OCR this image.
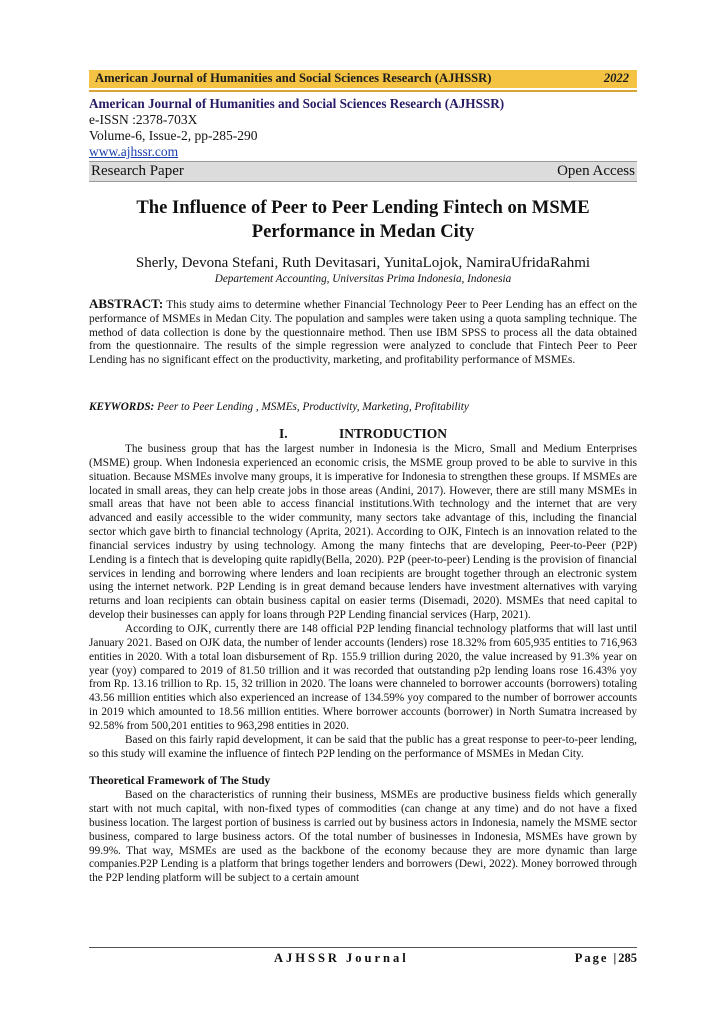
American Journal of Humanities and Social Sciences Research (AJHSSR)	2022
American Journal of Humanities and Social Sciences Research (AJHSSR)
e-ISSN :2378-703X
Volume-6, Issue-2, pp-285-290
www.ajhssr.com
Research Paper	Open Access
The Influence of Peer to Peer Lending Fintech on MSME
Performance in Medan City
Sherly, Devona Stefani, Ruth Devitasari, YunitaLojok, NamiraUfridaRahmi
Departement Accounting, Universitas Prima Indonesia, Indonesia
ABSTRACT: This study aims to determine whether Financial Technology Peer to Peer Lending has an effect on the performance of MSMEs in Medan City. The population and samples were taken using a quota sampling technique. The method of data collection is done by the questionnaire method. Then use IBM SPSS to process all the data obtained from the questionnaire. The results of the simple regression were analyzed to conclude that Fintech Peer to Peer Lending has no significant effect on the productivity, marketing, and profitability performance of MSMEs.
KEYWORDS: Peer to Peer Lending , MSMEs, Productivity, Marketing, Profitability
I.	INTRODUCTION

The business group that has the largest number in Indonesia is the Micro, Small and Medium Enterprises (MSME) group. When Indonesia experienced an economic crisis, the MSME group proved to be able to survive in this situation. Because MSMEs involve many groups, it is imperative for Indonesia to strengthen these groups. If MSMEs are located in small areas, they can help create jobs in those areas (Andini, 2017). However, there are still many MSMEs in small areas that have not been able to access financial institutions.With technology and the internet that are very advanced and easily accessible to the wider community, many sectors take advantage of this, including the financial sector which gave birth to financial technology (Aprita, 2021). According to OJK, Fintech is an innovation related to the financial services industry by using technology. Among the many fintechs that are developing, Peer-to-Peer (P2P) Lending is a fintech that is developing quite rapidly(Bella, 2020). P2P (peer-to-peer) Lending is the provision of financial services in lending and borrowing where lenders and loan recipients are brought together through an electronic system using the internet network. P2P Lending is in great demand because lenders have investment alternatives with varying returns and loan recipients can obtain business capital on easier terms (Disemadi, 2020). MSMEs that need capital to develop their businesses can apply for loans through P2P Lending financial services (Harp, 2021).

According to OJK, currently there are 148 official P2P lending financial technology platforms that will last until January 2021. Based on OJK data, the number of lender accounts (lenders) rose 18.32% from 605,935 entities to 716,963 entities in 2020. With a total loan disbursement of Rp. 155.9 trillion during 2020, the value increased by 91.3% year on year (yoy) compared to 2019 of 81.50 trillion and it was recorded that outstanding p2p lending loans rose 16.43% yoy from Rp. 13.16 trillion to Rp. 15, 32 trillion in 2020. The loans were channeled to borrower accounts (borrowers) totaling 43.56 million entities which also experienced an increase of 134.59% yoy compared to the number of borrower accounts in 2019 which amounted to 18.56 million entities. Where borrower accounts (borrower) in North Sumatra increased by 92.58% from 500,201 entities to 963,298 entities in 2020.

Based on this fairly rapid development, it can be said that the public has a great response to peer-to-peer lending, so this study will examine the influence of fintech P2P lending on the performance of MSMEs in Medan City.

Theoretical Framework of The Study

Based on the characteristics of running their business, MSMEs are productive business fields which generally start with not much capital, with non-fixed types of commodities (can change at any time) and do not have a fixed business location. The largest portion of business is carried out by business actors in Indonesia, namely the MSME sector business, compared to large business actors. Of the total number of businesses in Indonesia, MSMEs have grown by 99.9%. That way, MSMEs are used as the backbone of the economy because they are more dynamic than large companies.P2P Lending is a platform that brings together lenders and borrowers (Dewi, 2022). Money borrowed through the P2P lending platform will be subject to a certain amount

AJHSSR Journal	Page |285
